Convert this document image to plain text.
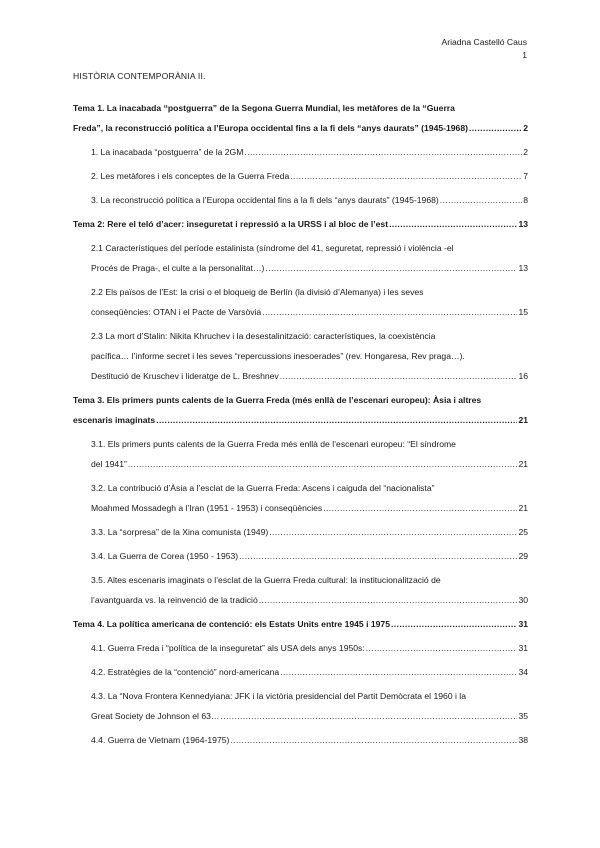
Ariadna Castelló Caus
1
HISTÒRIA CONTEMPORÀNIA II.
Tema 1. La inacabada “postguerra” de la Segona Guerra Mundial, les metàfores de la “Guerra
Freda”, la reconstrucció política a l’Europa occidental fins a la fi dels “anys daurats” (1945-1968) .....	2
1. La inacabada “postguerra” de la 2GM .....	2
2. Les metàfores i els conceptes de la Guerra Freda .....	7
3. La reconstrucció política a l’Europa occidental fins a la fi dels “anys daurats” (1945-1968) .....	8
Tema 2: Rere el teló d’acer: inseguretat i repressió a la URSS i al bloc de l’est .....	13
2.1 Característiques del període estalinista (síndrome del 41, seguretat, repressió i violència -el
Procés de Praga-, el culte a la personalitat…) .....	13
2.2 Els països de l’Est: la crisi o el bloqueig de Berlín (la divisió d’Alemanya) i les seves
conseqüències: OTAN i el Pacte de Varsòvia .....	15
2.3 La mort d’Stalin: Nikita Khruchev i la desestalinització: característiques, la coexistència
pacífica… l’informe secret i les seves “repercussions inesoerades” (rev. Hongaresa, Rev praga…).
Destitució de Kruschev i lideratge de L. Breshnev .....	16
Tema 3. Els primers punts calents de la Guerra Freda (més enllà de l’escenari europeu): Àsia i altres
escenaris imaginats .....	21
3.1. Els primers punts calents de la Guerra Freda més enllà de l’escenari europeu: “El síndrome
del 1941” .....	21
3.2. La contribució d’Àsia a l’esclat de la Guerra Freda: Ascens i caiguda del “nacionalista”
Moahmed Mossadegh a l’Iran (1951 - 1953) i conseqüències .....	21
3.3. La “sorpresa” de la Xina comunista (1949) .....	25
3.4. La Guerra de Corea (1950 - 1953) .....	29
3.5. Altes escenaris imaginats o l’esclat de la Guerra Freda cultural: la institucionalització de
l’avantguarda vs. la reinvenció de la tradició .....	30
Tema 4. La política americana de contenció: els Estats Units entre 1945 i 1975 .....	31
4.1. Guerra Freda i “política de la inseguretat” als USA dels anys 1950s: .....	31
4.2. Estratègies de la “contenció” nord-americana .....	34
4.3. La “Nova Frontera Kennedyiana: JFK i la victòria presidencial del Partit Demòcrata el 1960 i la
Great Society de Johnson el 63… .....	35
4.4. Guerra de Vietnam (1964-1975) .....	38
